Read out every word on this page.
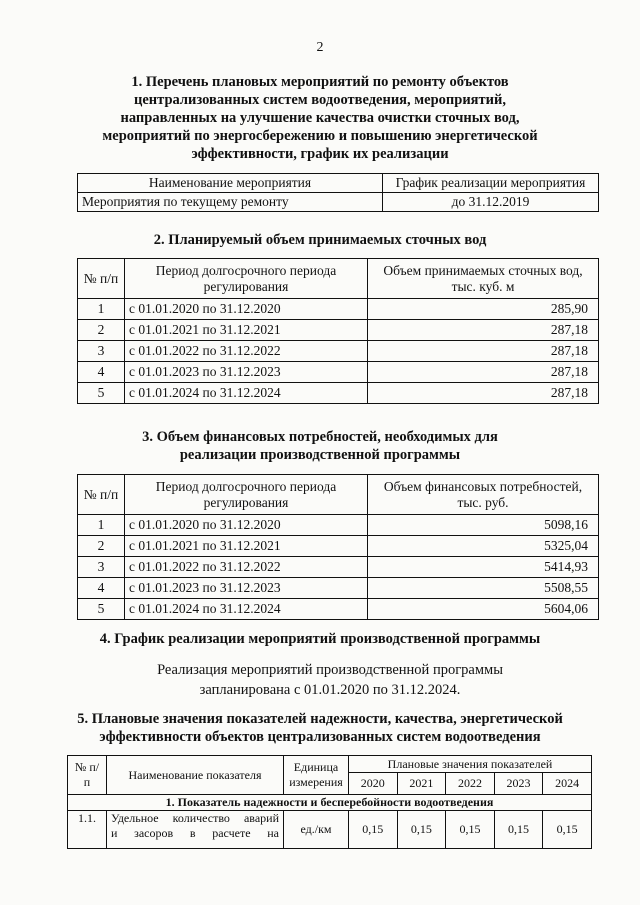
2
1. Перечень плановых мероприятий по ремонту объектов
централизованных систем водоотведения, мероприятий,
направленных на улучшение качества очистки сточных вод,
мероприятий по энергосбережению и повышению энергетической
эффективности, график их реализации
Наименование мероприятия	График реализации мероприятия
Мероприятия по текущему ремонту	до 31.12.2019
2. Планируемый объем принимаемых сточных вод
№ п/п	Период долгосрочного периода регулирования	Объем принимаемых сточных вод, тыс. куб. м
1	с 01.01.2020 по 31.12.2020	285,90
2	с 01.01.2021 по 31.12.2021	287,18
3	с 01.01.2022 по 31.12.2022	287,18
4	с 01.01.2023 по 31.12.2023	287,18
5	с 01.01.2024 по 31.12.2024	287,18
3. Объем финансовых потребностей, необходимых для
реализации производственной программы
№ п/п	Период долгосрочного периода регулирования	Объем финансовых потребностей, тыс. руб.
1	с 01.01.2020 по 31.12.2020	5098,16
2	с 01.01.2021 по 31.12.2021	5325,04
3	с 01.01.2022 по 31.12.2022	5414,93
4	с 01.01.2023 по 31.12.2023	5508,55
5	с 01.01.2024 по 31.12.2024	5604,06
4. График реализации мероприятий производственной программы
Реализация мероприятий производственной программы
запланирована с 01.01.2020 по 31.12.2024.
5. Плановые значения показателей надежности, качества, энергетической
эффективности объектов централизованных систем водоотведения
№ п/п	Наименование показателя	Единица измерения	Плановые значения показателей				
			2020	2021	2022	2023	2024
1. Показатель надежности и бесперебойности водоотведения							
1.1.	Удельное количество аварий
и засоров в расчете на	ед./км	0,15	0,15	0,15	0,15	0,15
